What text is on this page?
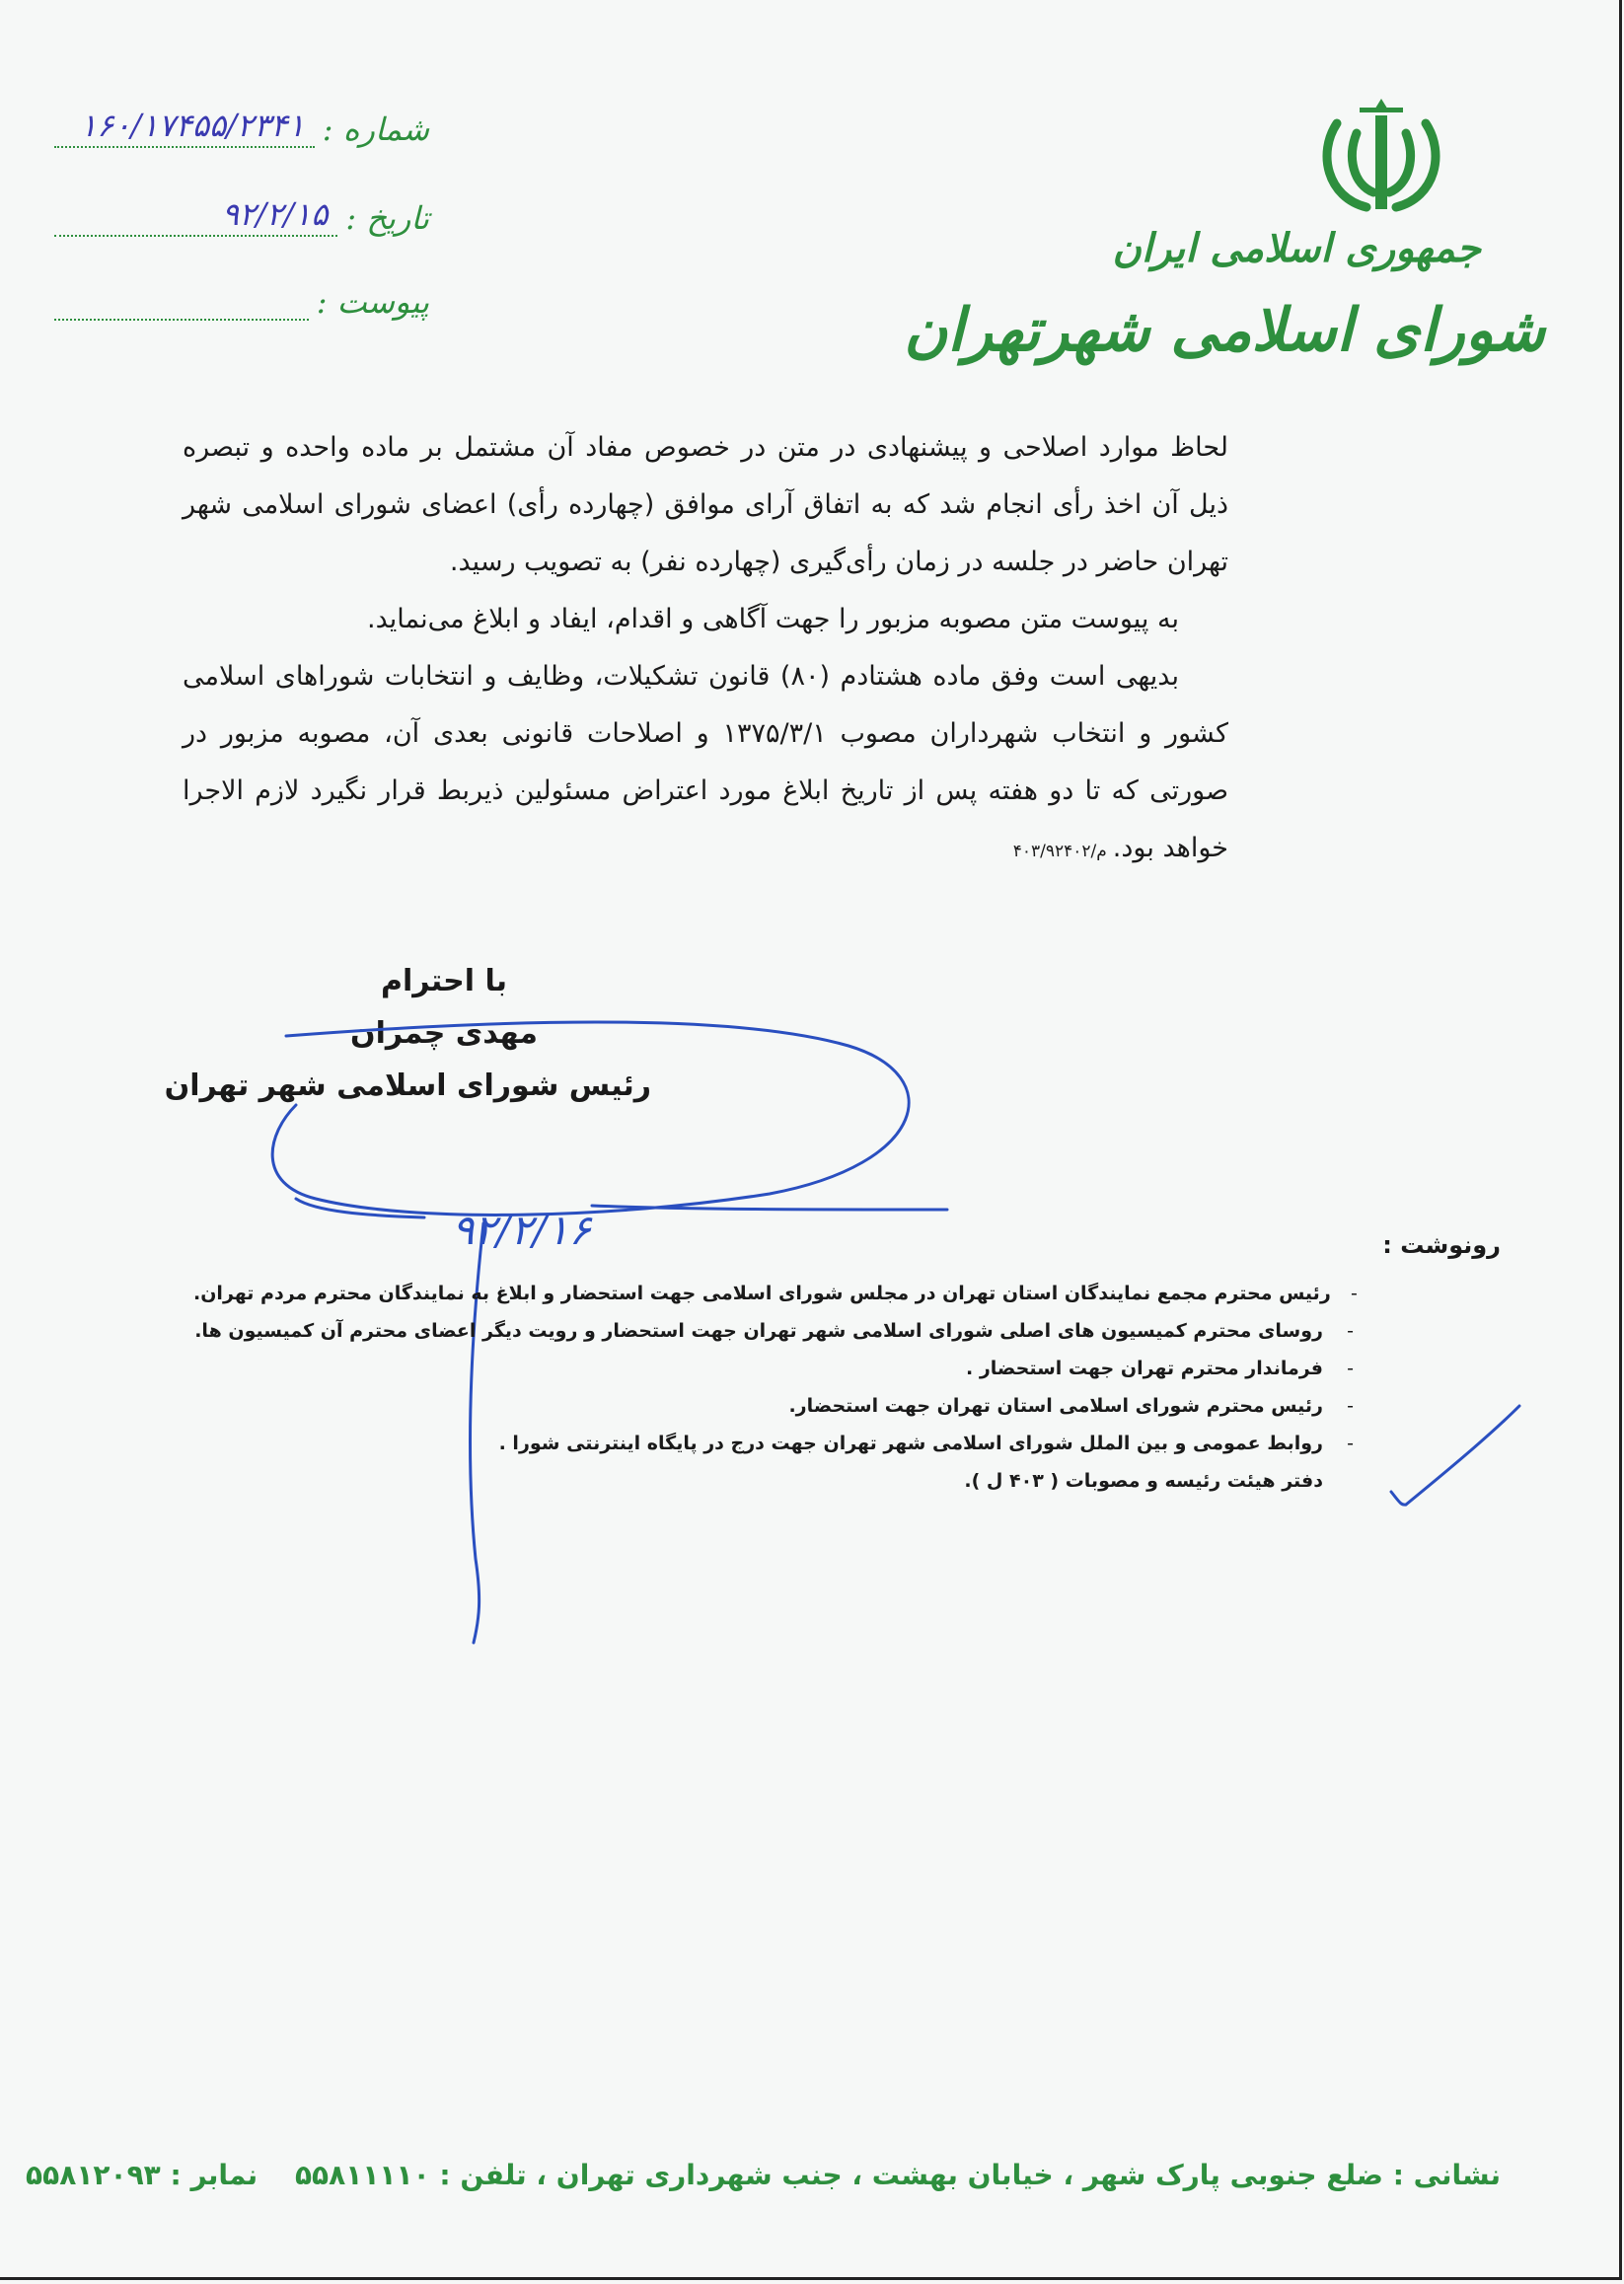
جمهوری اسلامی ایران
شورای اسلامی شهرتهران
شماره :
۱۶۰/۱۷۴۵۵/۲۳۴۱
تاریخ :
۹۲/۲/۱۵
پیوست :

لحاظ موارد اصلاحی و پیشنهادی در متن در خصوص مفاد آن مشتمل بر ماده واحده و تبصره ذیل آن اخذ رأی انجام شد که به اتفاق آرای موافق (چهارده رأی) اعضای شورای اسلامی شهر تهران حاضر در جلسه در زمان رأی‌گیری (چهارده نفر) به تصویب رسید.

به پیوست متن مصوبه مزبور را جهت آگاهی و اقدام، ایفاد و ابلاغ می‌نماید.

بدیهی است وفق ماده هشتادم (۸۰) قانون تشکیلات، وظایف و انتخابات شوراهای اسلامی کشور و انتخاب شهرداران مصوب ۱۳۷۵/۳/۱ و اصلاحات قانونی بعدی آن، مصوبه مزبور در صورتی که تا دو هفته پس از تاریخ ابلاغ مورد اعتراض مسئولین ذیربط قرار نگیرد لازم الاجرا خواهد بود.م/۴۰۳/۹۲۴۰۲

با احترام
مهدی چمران
رئیس شورای اسلامی شهر تهران
۹۲/۲/۱۶	رونوشت :
-
رئیس محترم مجمع نمایندگان استان تهران در مجلس شورای اسلامی جهت استحضار و ابلاغ به نمایندگان محترم مردم تهران.
-
روسای محترم کمیسیون های اصلی شورای اسلامی شهر تهران جهت استحضار و رویت دیگر اعضای محترم آن کمیسیون ها.
-
فرماندار محترم تهران جهت استحضار .
-
رئیس محترم شورای اسلامی استان تهران جهت استحضار.
-
روابط عمومی و بین الملل شورای اسلامی شهر تهران جهت درج در پایگاه اینترنتی شورا .

دفتر هیئت رئیسه و مصوبات ( ۴۰۳ ل ).
نشانی : ضلع جنوبی پارک شهر ، خیابان بهشت ، جنب شهرداری تهران ، تلفن : ۵۵۸۱۱۱۱۰ نمابر : ۵۵۸۱۲۰۹۳
